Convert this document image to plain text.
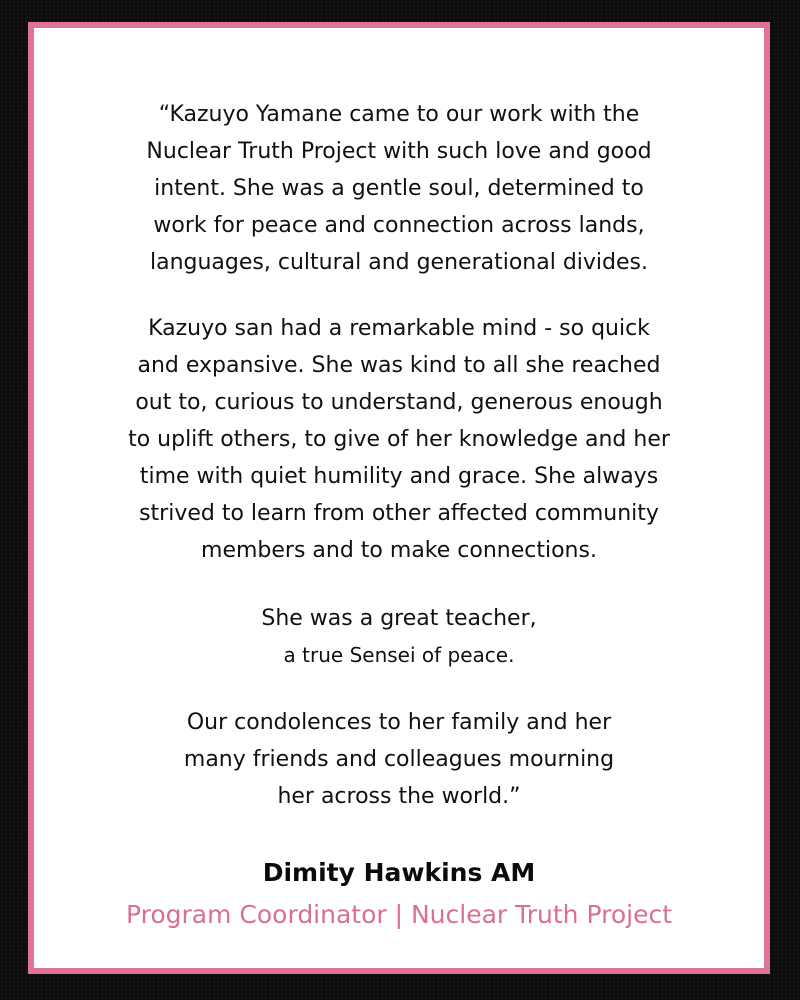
“Kazuyo Yamane came to our work with the
Nuclear Truth Project with such love and good
intent. She was a gentle soul, determined to
work for peace and connection across lands,
languages, cultural and generational divides.
Kazuyo san had a remarkable mind - so quick
and expansive. She was kind to all she reached
out to, curious to understand, generous enough
to uplift others, to give of her knowledge and her
time with quiet humility and grace. She always
strived to learn from other affected community
members and to make connections.
She was a great teacher,
a true Sensei of peace.
Our condolences to her family and her
many friends and colleagues mourning
her across the world.”
Dimity Hawkins AM
Program Coordinator | Nuclear Truth Project
